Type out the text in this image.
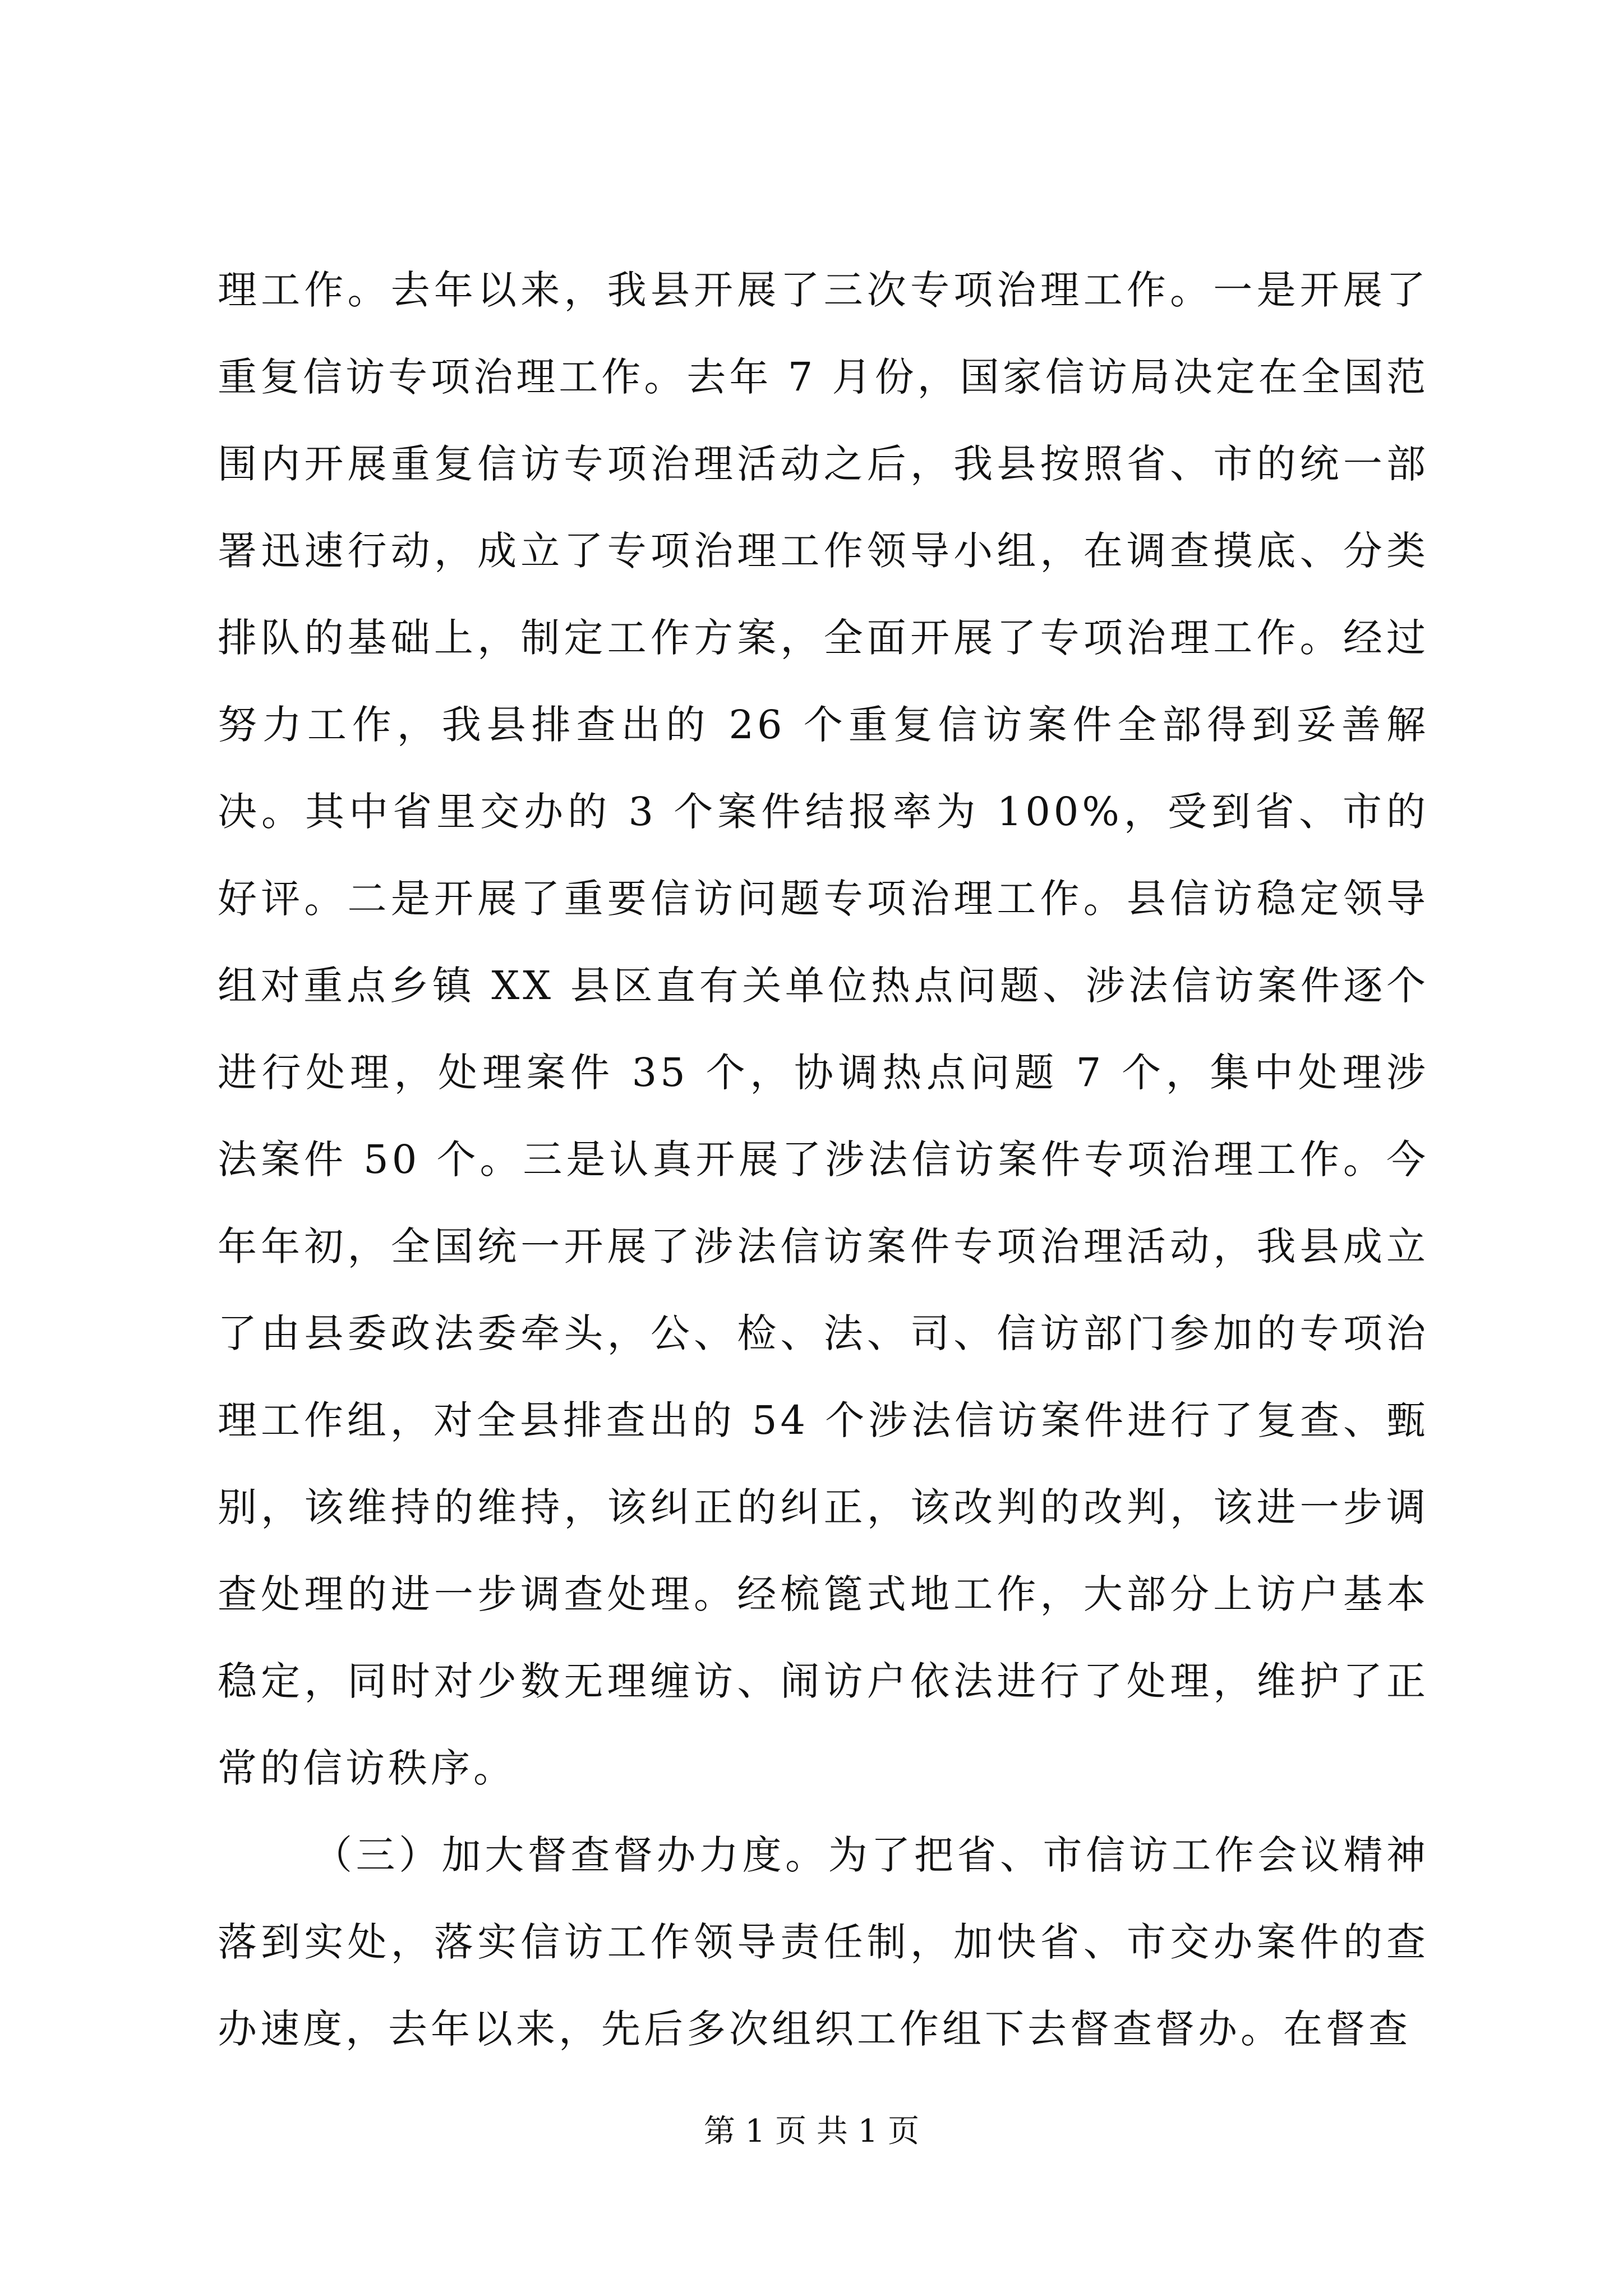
理工作。去年以来，我县开展了三次专项治理工作。一是开展了重复信访专项治理工作。去年 7 月份，国家信访局决定在全国范围内开展重复信访专项治理活动之后，我县按照省、市的统一部署迅速行动，成立了专项治理工作领导小组，在调查摸底、分类排队的基础上，制定工作方案，全面开展了专项治理工作。经过努力工作，我县排查出的 26 个重复信访案件全部得到妥善解决。其中省里交办的 3 个案件结报率为 100%，受到省、市的好评。二是开展了重要信访问题专项治理工作。县信访稳定领导组对重点乡镇 XX 县区直有关单位热点问题、涉法信访案件逐个进行处理，处理案件 35 个，协调热点问题 7 个，集中处理涉法案件 50 个。三是认真开展了涉法信访案件专项治理工作。今年年初，全国统一开展了涉法信访案件专项治理活动，我县成立了由县委政法委牵头，公、检、法、司、信访部门参加的专项治理工作组，对全县排查出的 54 个涉法信访案件进行了复查、甄别，该维持的维持，该纠正的纠正，该改判的改判，该进一步调查处理的进一步调查处理。经梳篦式地工作，大部分上访户基本稳定，同时对少数无理缠访、闹访户依法进行了处理，维护了正常的信访秩序。

（三）加大督查督办力度。为了把省、市信访工作会议精神落到实处，落实信访工作领导责任制，加快省、市交办案件的查办速度，去年以来，先后多次组织工作组下去督查督办。在督查

第 1 页 共 1 页
